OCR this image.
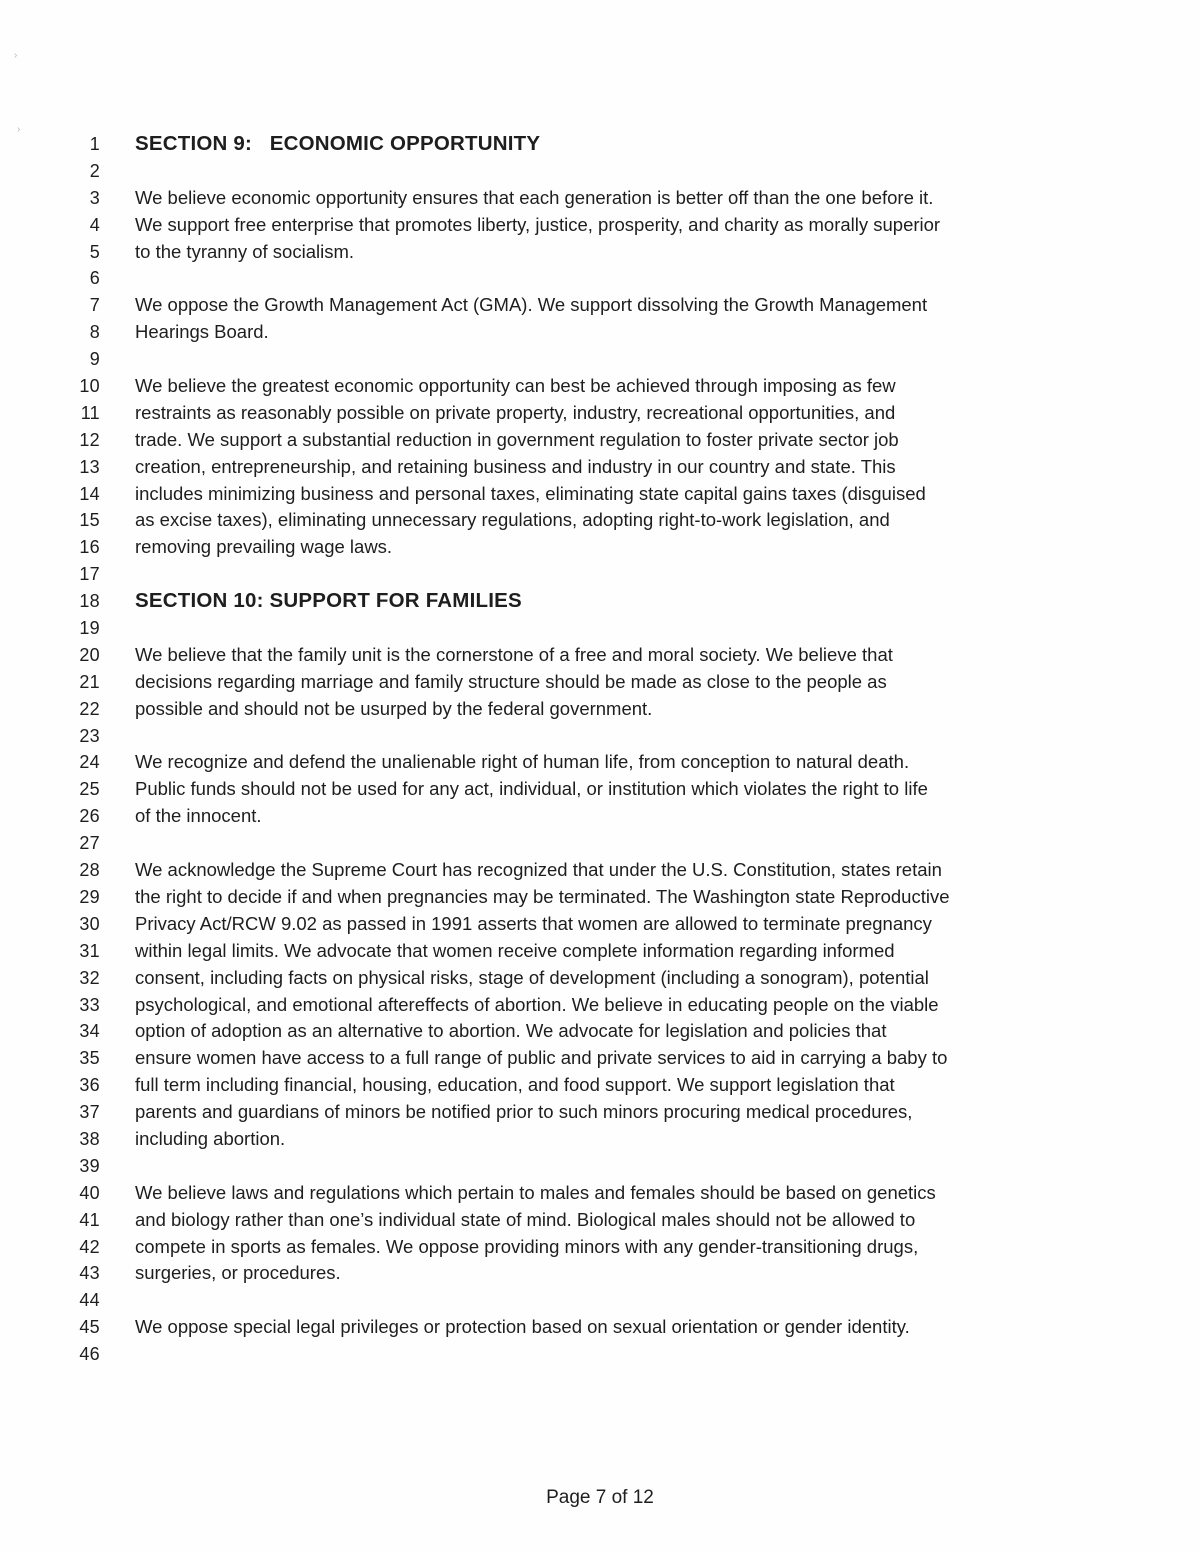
›
›
1 SECTION 9:   ECONOMIC OPPORTUNITY
2
3 We believe economic opportunity ensures that each generation is better off than the one before it.
4 We support free enterprise that promotes liberty, justice, prosperity, and charity as morally superior
5 to the tyranny of socialism.
6
7 We oppose the Growth Management Act (GMA). We support dissolving the Growth Management
8 Hearings Board.
9
10 We believe the greatest economic opportunity can best be achieved through imposing as few
11 restraints as reasonably possible on private property, industry, recreational opportunities, and
12 trade. We support a substantial reduction in government regulation to foster private sector job
13 creation, entrepreneurship, and retaining business and industry in our country and state. This
14 includes minimizing business and personal taxes, eliminating state capital gains taxes (disguised
15 as excise taxes), eliminating unnecessary regulations, adopting right-to-work legislation, and
16 removing prevailing wage laws.
17
18 SECTION 10: SUPPORT FOR FAMILIES
19
20 We believe that the family unit is the cornerstone of a free and moral society. We believe that
21 decisions regarding marriage and family structure should be made as close to the people as
22 possible and should not be usurped by the federal government.
23
24 We recognize and defend the unalienable right of human life, from conception to natural death.
25 Public funds should not be used for any act, individual, or institution which violates the right to life
26 of the innocent.
27
28 We acknowledge the Supreme Court has recognized that under the U.S. Constitution, states retain
29 the right to decide if and when pregnancies may be terminated. The Washington state Reproductive
30 Privacy Act/RCW 9.02 as passed in 1991 asserts that women are allowed to terminate pregnancy
31 within legal limits. We advocate that women receive complete information regarding informed
32 consent, including facts on physical risks, stage of development (including a sonogram), potential
33 psychological, and emotional aftereffects of abortion. We believe in educating people on the viable
34 option of adoption as an alternative to abortion. We advocate for legislation and policies that
35 ensure women have access to a full range of public and private services to aid in carrying a baby to
36 full term including financial, housing, education, and food support. We support legislation that
37 parents and guardians of minors be notified prior to such minors procuring medical procedures,
38 including abortion.
39
40 We believe laws and regulations which pertain to males and females should be based on genetics
41 and biology rather than one’s individual state of mind. Biological males should not be allowed to
42 compete in sports as females. We oppose providing minors with any gender-transitioning drugs,
43 surgeries, or procedures.
44
45 We oppose special legal privileges or protection based on sexual orientation or gender identity.
46
Page 7 of 12
